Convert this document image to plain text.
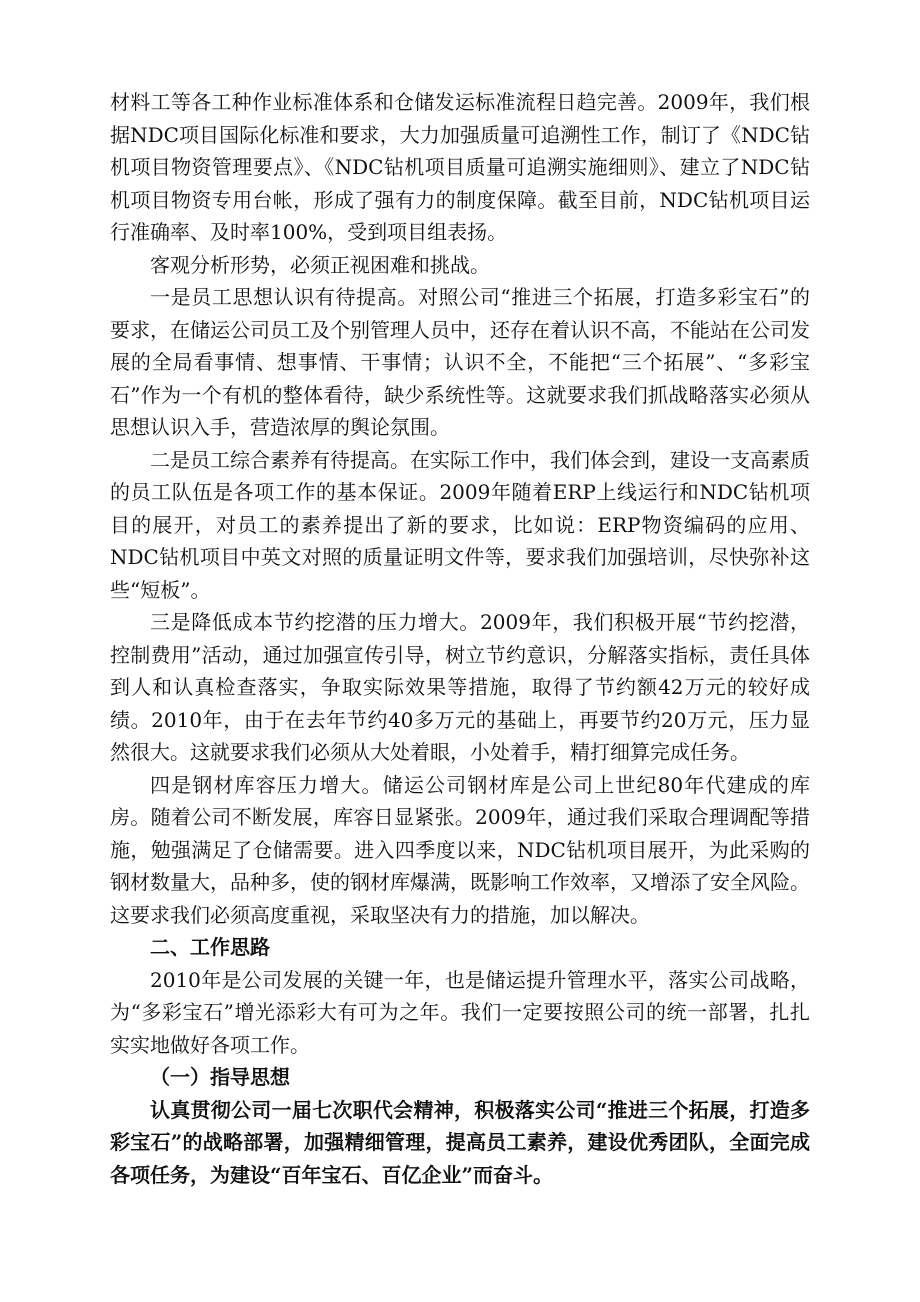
材料工等各工种作业标准体系和仓储发运标准流程日趋完善。2009年，我们根据NDC项目国际化标准和要求，大力加强质量可追溯性工作，制订了《NDC钻机项目物资管理要点》、《NDC钻机项目质量可追溯实施细则》、建立了NDC钻机项目物资专用台帐，形成了强有力的制度保障。截至目前，NDC钻机项目运行准确率、及时率100%，受到项目组表扬。

客观分析形势，必须正视困难和挑战。

一是员工思想认识有待提高。对照公司“推进三个拓展，打造多彩宝石”的要求，在储运公司员工及个别管理人员中，还存在着认识不高，不能站在公司发展的全局看事情、想事情、干事情；认识不全，不能把“三个拓展”、“多彩宝石”作为一个有机的整体看待，缺少系统性等。这就要求我们抓战略落实必须从思想认识入手，营造浓厚的舆论氛围。

二是员工综合素养有待提高。在实际工作中，我们体会到，建设一支高素质的员工队伍是各项工作的基本保证。2009年随着ERP上线运行和NDC钻机项目的展开，对员工的素养提出了新的要求，比如说：ERP物资编码的应用、NDC钻机项目中英文对照的质量证明文件等，要求我们加强培训，尽快弥补这些“短板”。

三是降低成本节约挖潜的压力增大。2009年，我们积极开展“节约挖潜，控制费用”活动，通过加强宣传引导，树立节约意识，分解落实指标，责任具体到人和认真检查落实，争取实际效果等措施，取得了节约额42万元的较好成绩。2010年，由于在去年节约40多万元的基础上，再要节约20万元，压力显然很大。这就要求我们必须从大处着眼，小处着手，精打细算完成任务。

四是钢材库容压力增大。储运公司钢材库是公司上世纪80年代建成的库房。随着公司不断发展，库容日显紧张。2009年，通过我们采取合理调配等措施，勉强满足了仓储需要。进入四季度以来，NDC钻机项目展开，为此采购的钢材数量大，品种多，使的钢材库爆满，既影响工作效率，又增添了安全风险。这要求我们必须高度重视，采取坚决有力的措施，加以解决。

二、工作思路

2010年是公司发展的关键一年，也是储运提升管理水平，落实公司战略，为“多彩宝石”增光添彩大有可为之年。我们一定要按照公司的统一部署，扎扎实实地做好各项工作。

（一）指导思想

认真贯彻公司一届七次职代会精神，积极落实公司“推进三个拓展，打造多彩宝石”的战略部署，加强精细管理，提高员工素养，建设优秀团队，全面完成各项任务，为建设“百年宝石、百亿企业”而奋斗。
